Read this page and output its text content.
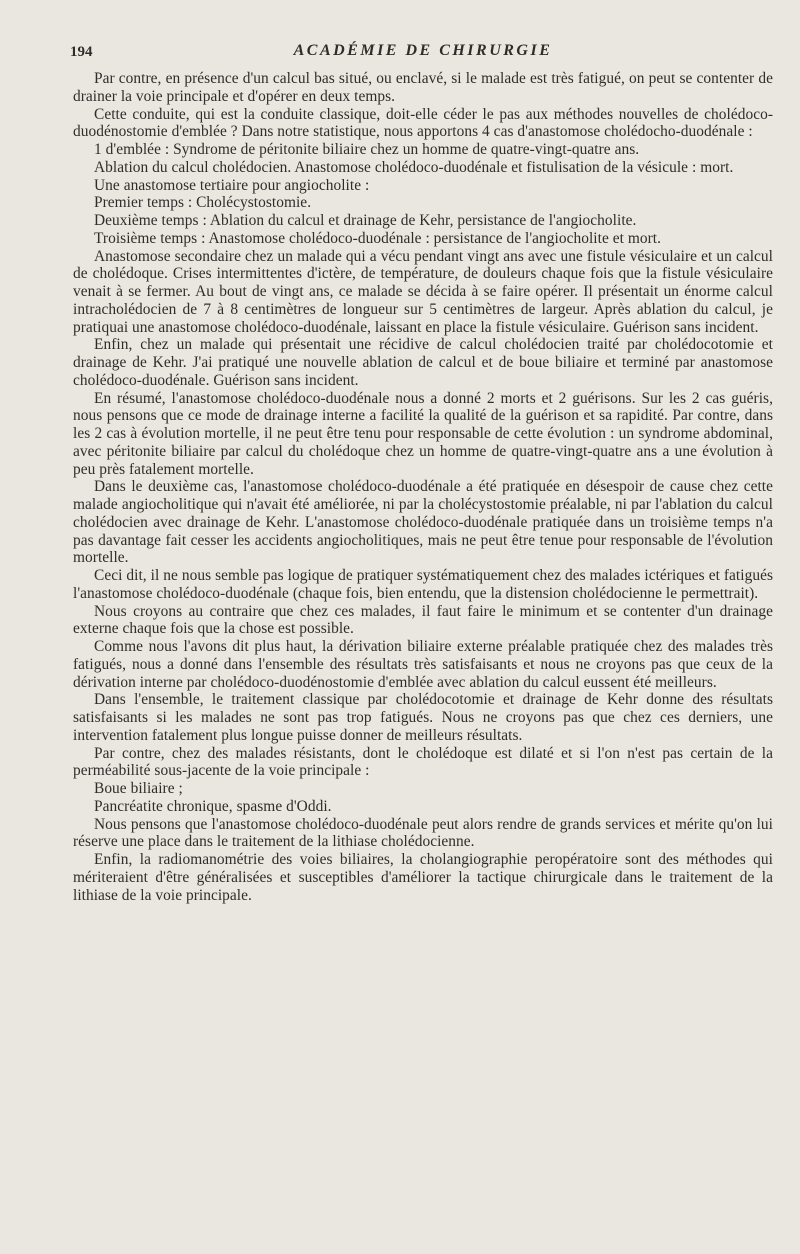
194	ACADÉMIE DE CHIRURGIE

Par contre, en présence d'un calcul bas situé, ou enclavé, si le malade est très fatigué, on peut se contenter de drainer la voie principale et d'opérer en deux temps.

Cette conduite, qui est la conduite classique, doit-elle céder le pas aux méthodes nouvelles de cholédoco-duodénostomie d'emblée ? Dans notre statistique, nous apportons 4 cas d'anastomose cholédocho-duodénale :

1 d'emblée : Syndrome de péritonite biliaire chez un homme de quatre-vingt-quatre ans.

Ablation du calcul cholédocien. Anastomose cholédoco-duodénale et fistulisation de la vésicule : mort.

Une anastomose tertiaire pour angiocholite :

Premier temps : Cholécystostomie.

Deuxième temps : Ablation du calcul et drainage de Kehr, persistance de l'angiocholite.

Troisième temps : Anastomose cholédoco-duodénale : persistance de l'angiocholite et mort.

Anastomose secondaire chez un malade qui a vécu pendant vingt ans avec une fistule vésiculaire et un calcul de cholédoque. Crises intermittentes d'ictère, de température, de douleurs chaque fois que la fistule vésiculaire venait à se fermer. Au bout de vingt ans, ce malade se décida à se faire opérer. Il présentait un énorme calcul intracholédocien de 7 à 8 centimètres de longueur sur 5 centimètres de largeur. Après ablation du calcul, je pratiquai une anastomose cholédoco-duodénale, laissant en place la fistule vésiculaire. Guérison sans incident.

Enfin, chez un malade qui présentait une récidive de calcul cholédocien traité par cholédocotomie et drainage de Kehr. J'ai pratiqué une nouvelle ablation de calcul et de boue biliaire et terminé par anastomose cholédoco-duodénale. Guérison sans incident.

En résumé, l'anastomose cholédoco-duodénale nous a donné 2 morts et 2 guérisons. Sur les 2 cas guéris, nous pensons que ce mode de drainage interne a facilité la qualité de la guérison et sa rapidité. Par contre, dans les 2 cas à évolution mortelle, il ne peut être tenu pour responsable de cette évolution : un syndrome abdominal, avec péritonite biliaire par calcul du cholédoque chez un homme de quatre-vingt-quatre ans a une évolution à peu près fatalement mortelle.

Dans le deuxième cas, l'anastomose cholédoco-duodénale a été pratiquée en désespoir de cause chez cette malade angiocholitique qui n'avait été améliorée, ni par la cholécystostomie préalable, ni par l'ablation du calcul cholédocien avec drainage de Kehr. L'anastomose cholédoco-duodénale pratiquée dans un troisième temps n'a pas davantage fait cesser les accidents angiocholitiques, mais ne peut être tenue pour responsable de l'évolution mortelle.

Ceci dit, il ne nous semble pas logique de pratiquer systématiquement chez des malades ictériques et fatigués l'anastomose cholédoco-duodénale (chaque fois, bien entendu, que la distension cholédocienne le permettrait).

Nous croyons au contraire que chez ces malades, il faut faire le minimum et se contenter d'un drainage externe chaque fois que la chose est possible.

Comme nous l'avons dit plus haut, la dérivation biliaire externe préalable pratiquée chez des malades très fatigués, nous a donné dans l'ensemble des résultats très satisfaisants et nous ne croyons pas que ceux de la dérivation interne par cholédoco-duodénostomie d'emblée avec ablation du calcul eussent été meilleurs.

Dans l'ensemble, le traitement classique par cholédocotomie et drainage de Kehr donne des résultats satisfaisants si les malades ne sont pas trop fatigués. Nous ne croyons pas que chez ces derniers, une intervention fatalement plus longue puisse donner de meilleurs résultats.

Par contre, chez des malades résistants, dont le cholédoque est dilaté et si l'on n'est pas certain de la perméabilité sous-jacente de la voie principale :

Boue biliaire ;

Pancréatite chronique, spasme d'Oddi.

Nous pensons que l'anastomose cholédoco-duodénale peut alors rendre de grands services et mérite qu'on lui réserve une place dans le traitement de la lithiase cholédocienne.

Enfin, la radiomanométrie des voies biliaires, la cholangiographie peropératoire sont des méthodes qui mériteraient d'être généralisées et susceptibles d'améliorer la tactique chirurgicale dans le traitement de la lithiase de la voie principale.
